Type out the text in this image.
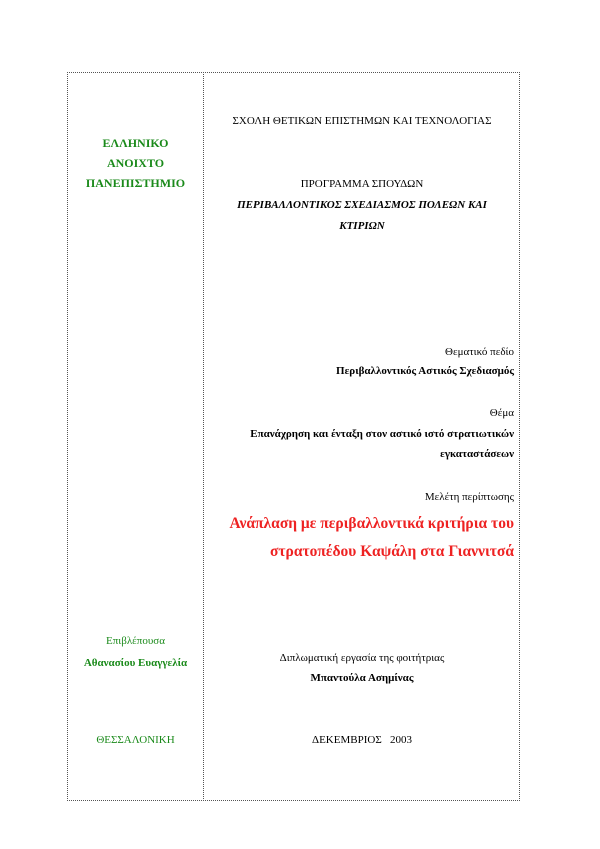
ΕΛΛΗΝΙΚΟ
ΑΝΟΙΧΤΟ
ΠΑΝΕΠΙΣΤΗΜΙΟ
Επιβλέπουσα
Αθανασίου Ευαγγελία
ΘΕΣΣΑΛΟΝΙΚΗ
ΣΧΟΛΗ ΘΕΤΙΚΩΝ ΕΠΙΣΤΗΜΩΝ ΚΑΙ ΤΕΧΝΟΛΟΓΙΑΣ
ΠΡΟΓΡΑΜΜΑ ΣΠΟΥΔΩΝ
ΠΕΡΙΒΑΛΛΟΝΤΙΚΟΣ ΣΧΕΔΙΑΣΜΟΣ ΠΟΛΕΩΝ ΚΑΙ
ΚΤΙΡΙΩΝ
Θεματικό πεδίο
Περιβαλλοντικός Αστικός Σχεδιασμός
Θέμα
Επανάχρηση και ένταξη στον αστικό ιστό στρατιωτικών
εγκαταστάσεων
Μελέτη περίπτωσης
Ανάπλαση με περιβαλλοντικά κριτήρια του
στρατοπέδου Καψάλη στα Γιαννιτσά
Διπλωματική εργασία της φοιτήτριας
Μπαντούλα Ασημίνας
ΔΕΚΕΜΒΡΙΟΣ   2003
